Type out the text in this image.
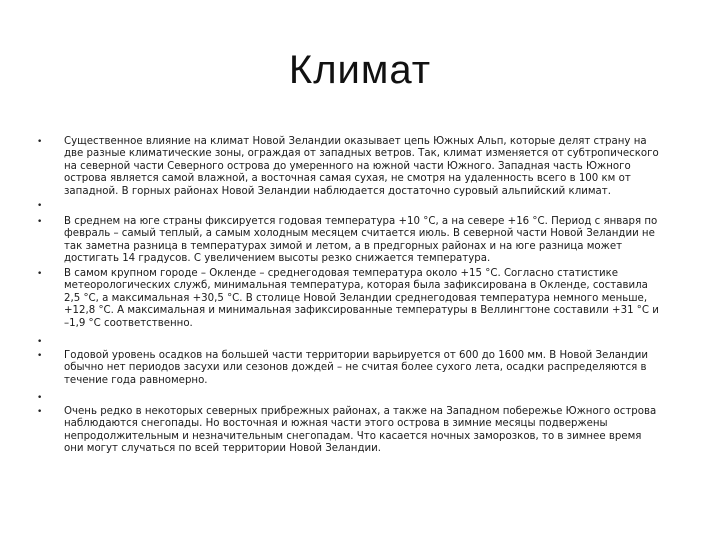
Климат
• Существенное влияние на климат Новой Зеландии оказывает цепь Южных Альп, которые делят страну на две разные климатические зоны, ограждая от западных ветров. Так, климат изменяется от субтропического на северной части Северного острова до умеренного на южной части Южного. Западная часть Южного острова является самой влажной, а восточная самая сухая, не смотря на удаленность всего в 100 км от западной. В горных районах Новой Зеландии наблюдается достаточно суровый альпийский климат.
•
• В среднем на юге страны фиксируется годовая температура +10 °С, а на севере +16 °С. Период с января по февраль – самый теплый, а самым холодным месяцем считается июль. В северной части Новой Зеландии не так заметна разница в температурах зимой и летом, а в предгорных районах и на юге разница может достигать 14 градусов. С увеличением высоты резко снижается температура.
• В самом крупном городе – Окленде – среднегодовая температура около +15 °С. Согласно статистике метеорологических служб, минимальная температура, которая была зафиксирована в Окленде, составила 2,5 °С, а максимальная +30,5 °С. В столице Новой Зеландии среднегодовая температура немного меньше, +12,8 °С. А максимальная и минимальная зафиксированные температуры в Веллингтоне составили +31 °С и –1,9 °С соответственно.
•
• Годовой уровень осадков на большей части территории варьируется от 600 до 1600 мм. В Новой Зеландии обычно нет периодов засухи или сезонов дождей – не считая более сухого лета, осадки распределяются в течение года равномерно.
•
• Очень редко в некоторых северных прибрежных районах, а также на Западном побережье Южного острова наблюдаются снегопады. Но восточная и южная части этого острова в зимние месяцы подвержены непродолжительным и незначительным снегопадам. Что касается ночных заморозков, то в зимнее время они могут случаться по всей территории Новой Зеландии.
